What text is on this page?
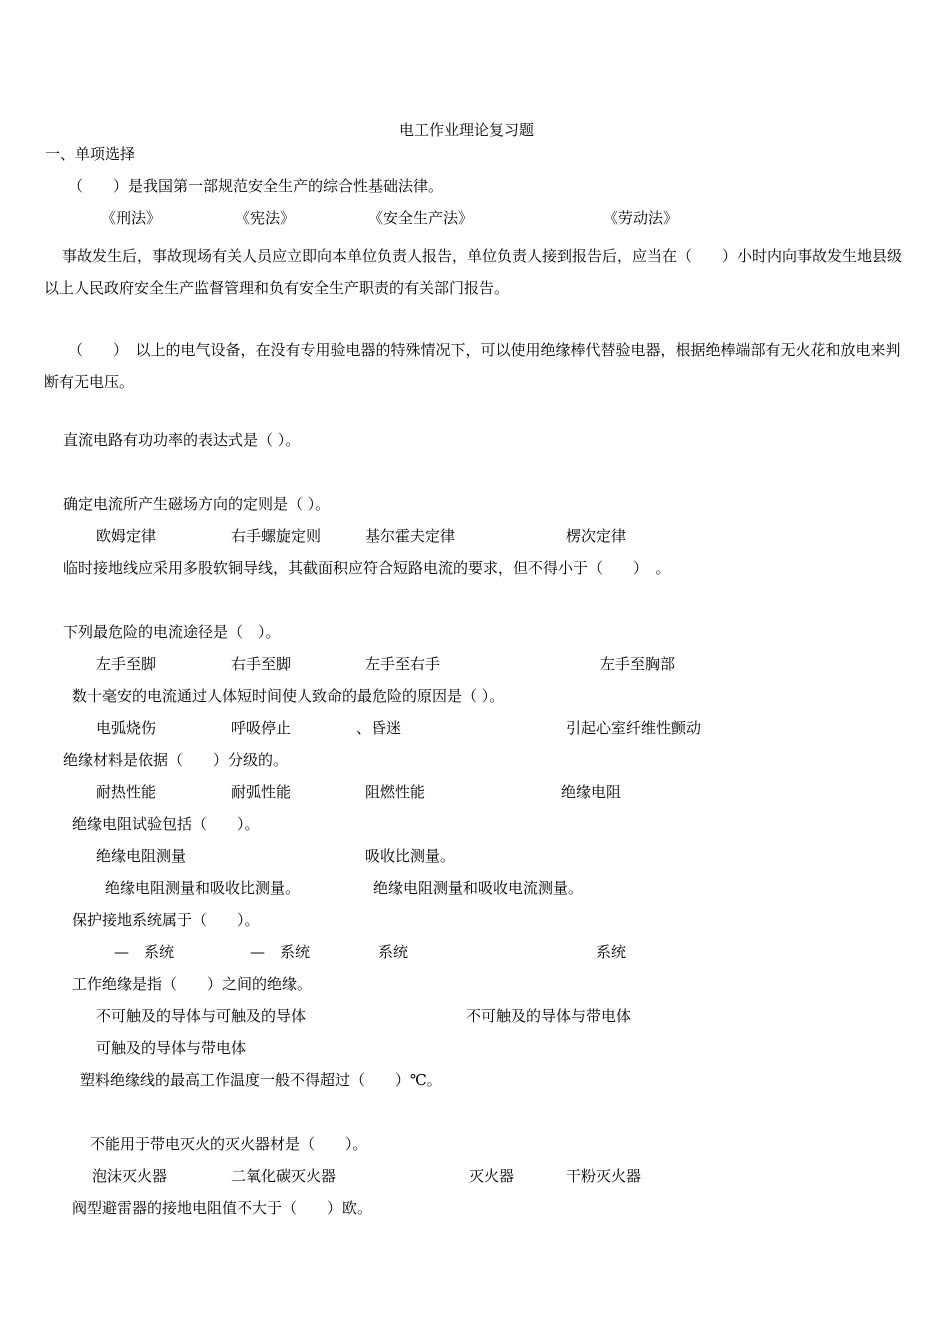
电工作业理论复习题
一、单项选择
（　　）是我国第一部规范安全生产的综合性基础法律。
《刑法》	《宪法》	《安全生产法》	《劳动法》
事故发生后，事故现场有关人员应立即向本单位负责人报告，单位负责人接到报告后，应当在（　　）小时内向事故发生地县级以上人民政府安全生产监督管理和负有安全生产职责的有关部门报告。
（　　）　以上的电气设备，在没有专用验电器的特殊情况下，可以使用绝缘棒代替验电器，根据绝棒端部有无火花和放电来判断有无电压。
直流电路有功功率的表达式是（ ）。
确定电流所产生磁场方向的定则是（ ）。
欧姆定律	右手螺旋定则	基尔霍夫定律	楞次定律
临时接地线应采用多股软铜导线，其截面积应符合短路电流的要求，但不得小于（　　）　。
下列最危险的电流途径是（　）。
左手至脚	右手至脚	左手至右手	左手至胸部
数十毫安的电流通过人体短时间使人致命的最危险的原因是（ ）。
电弧烧伤	呼吸停止	、昏迷	引起心室纤维性颤动
绝缘材料是依据（　　）分级的。
耐热性能	耐弧性能	阻燃性能	绝缘电阻
绝缘电阻试验包括（　　）。
绝缘电阻测量	吸收比测量。
绝缘电阻测量和吸收比测量。	绝缘电阻测量和吸收电流测量。
保护接地系统属于（　　）。
—　系统	—　系统	系统	系统
工作绝缘是指（　　）之间的绝缘。
不可触及的导体与可触及的导体	不可触及的导体与带电体
可触及的导体与带电体
塑料绝缘线的最高工作温度一般不得超过（　　）℃。
不能用于带电灭火的灭火器材是（　　）。
泡沫灭火器	二氧化碳灭火器	灭火器	干粉灭火器
阀型避雷器的接地电阻值不大于（　　）欧。
